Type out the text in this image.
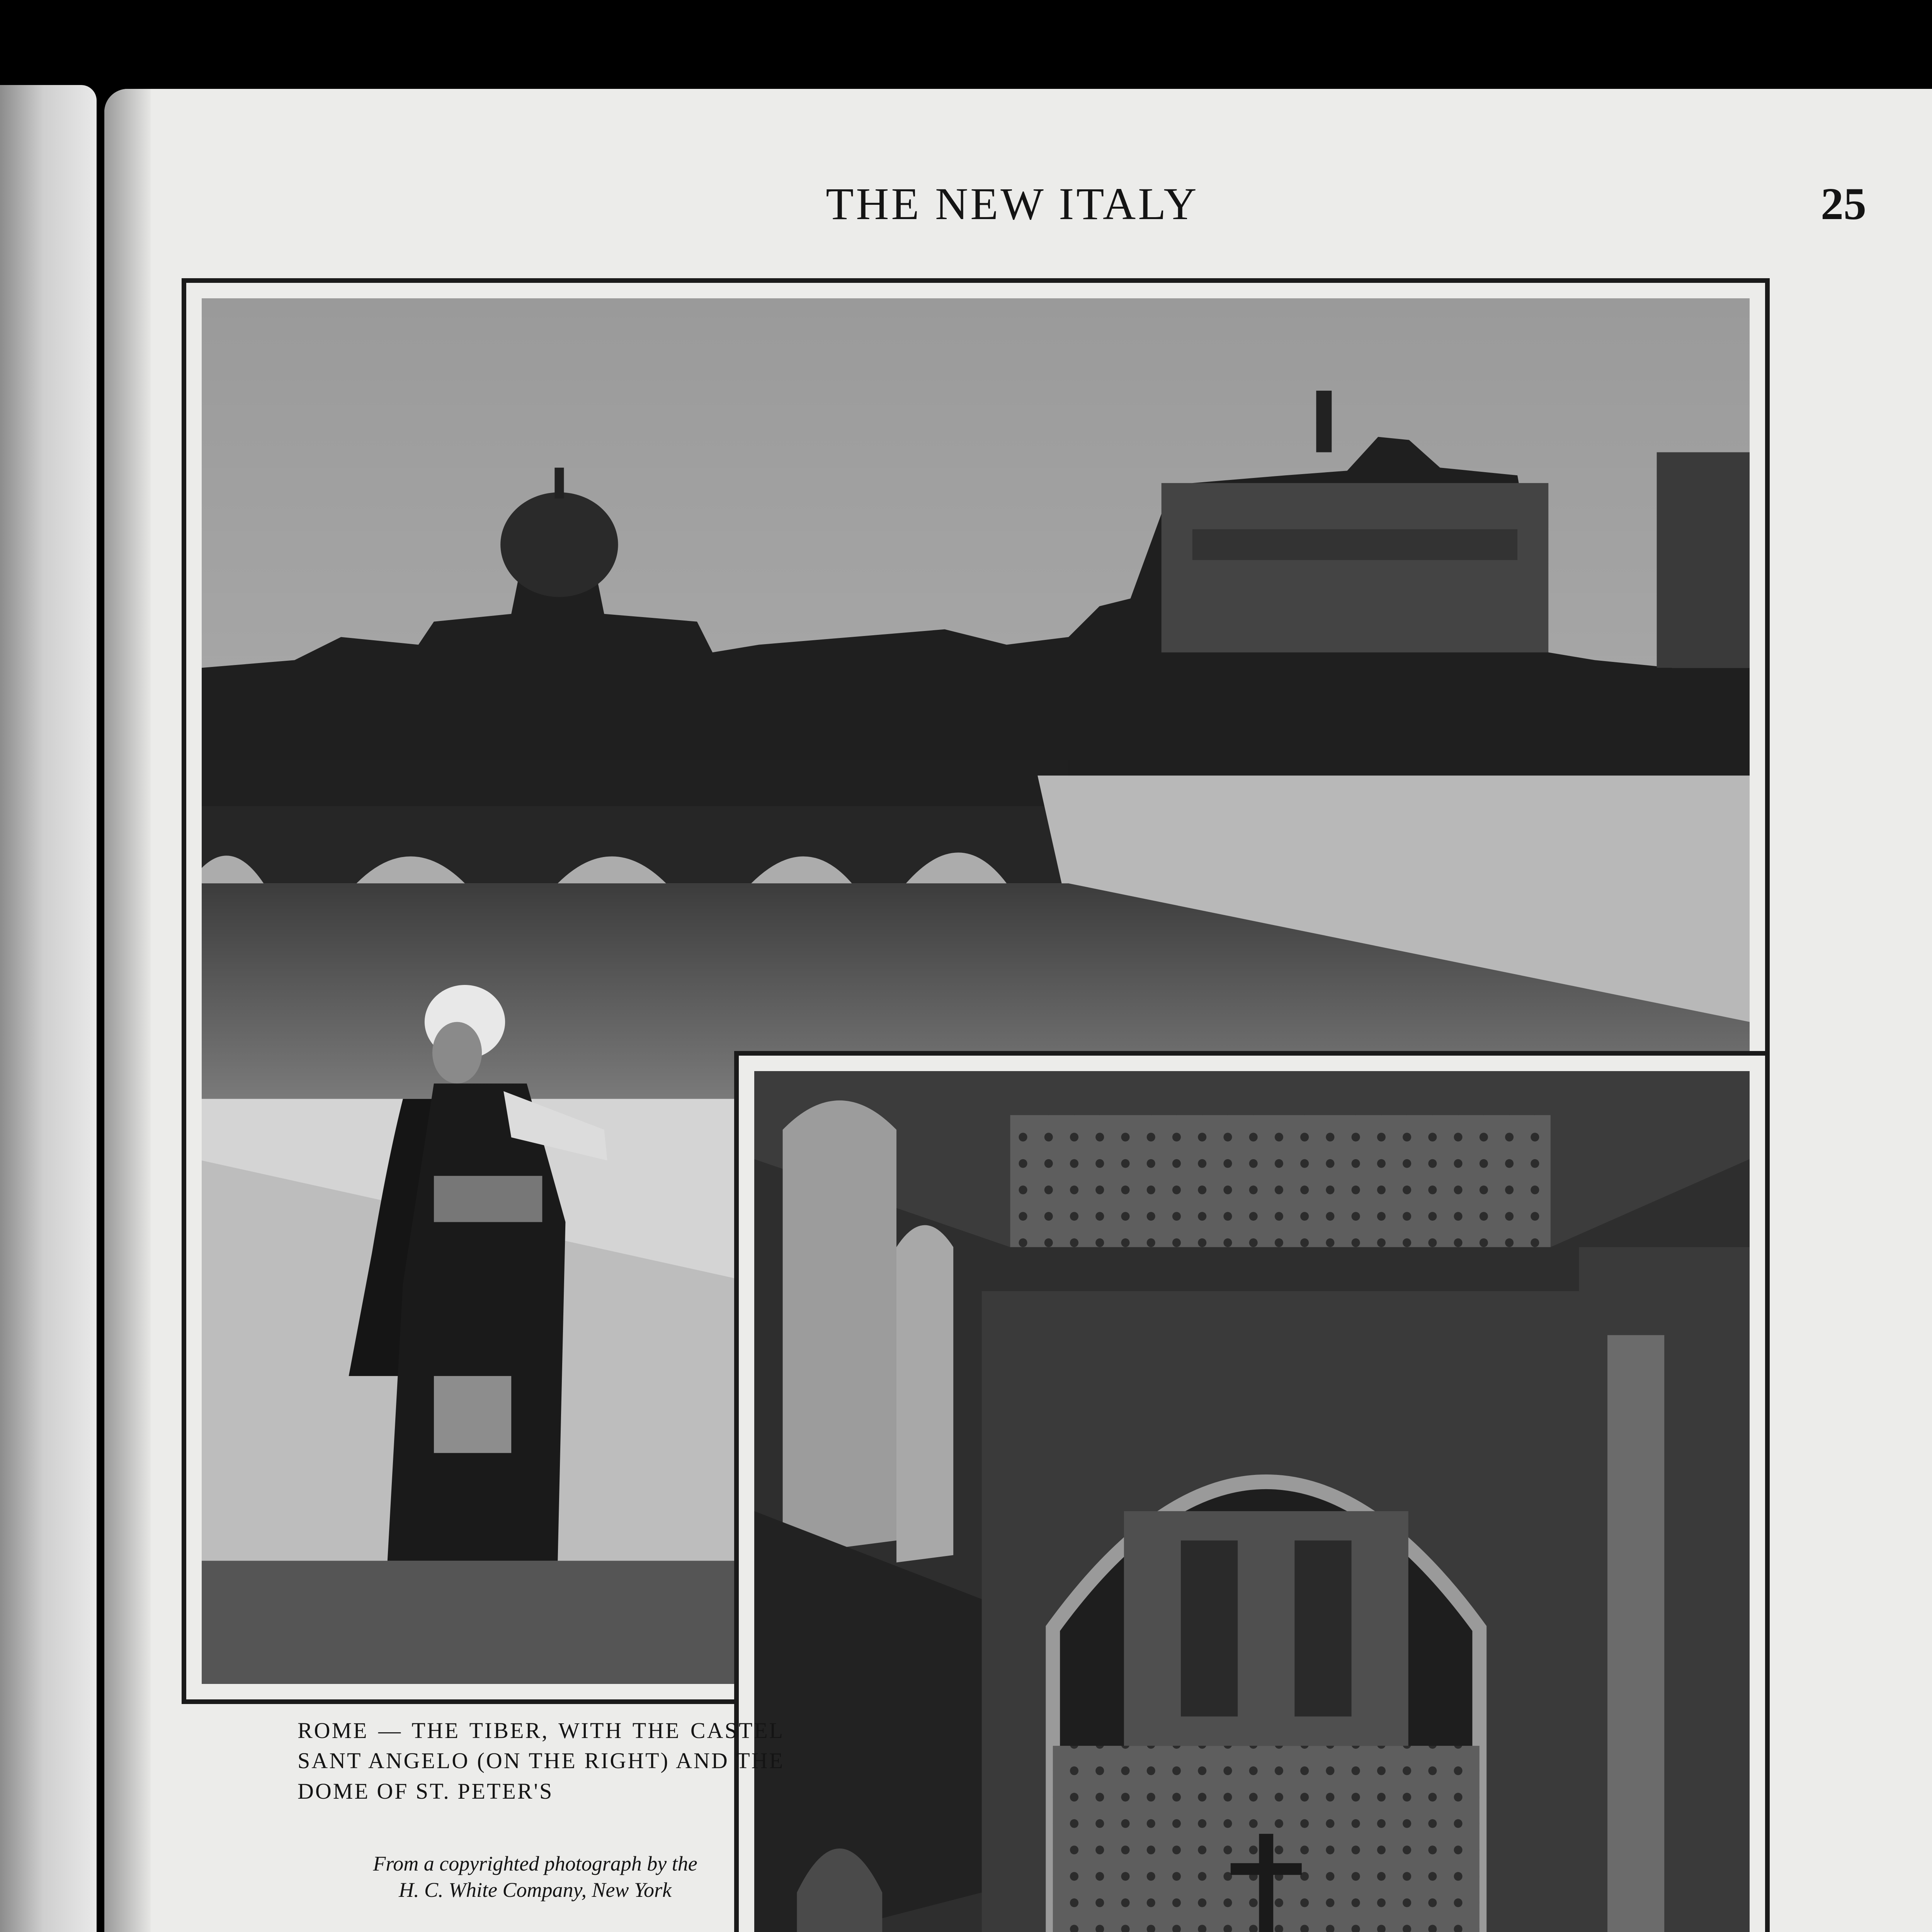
THE NEW ITALY	25
ROME — THE TIBER, WITH THE CASTEL SANT ANGELO (ON THE RIGHT) AND THE DOME OF ST. PETER'S
From a copyrighted photograph by the
H. C. White Company, New York
